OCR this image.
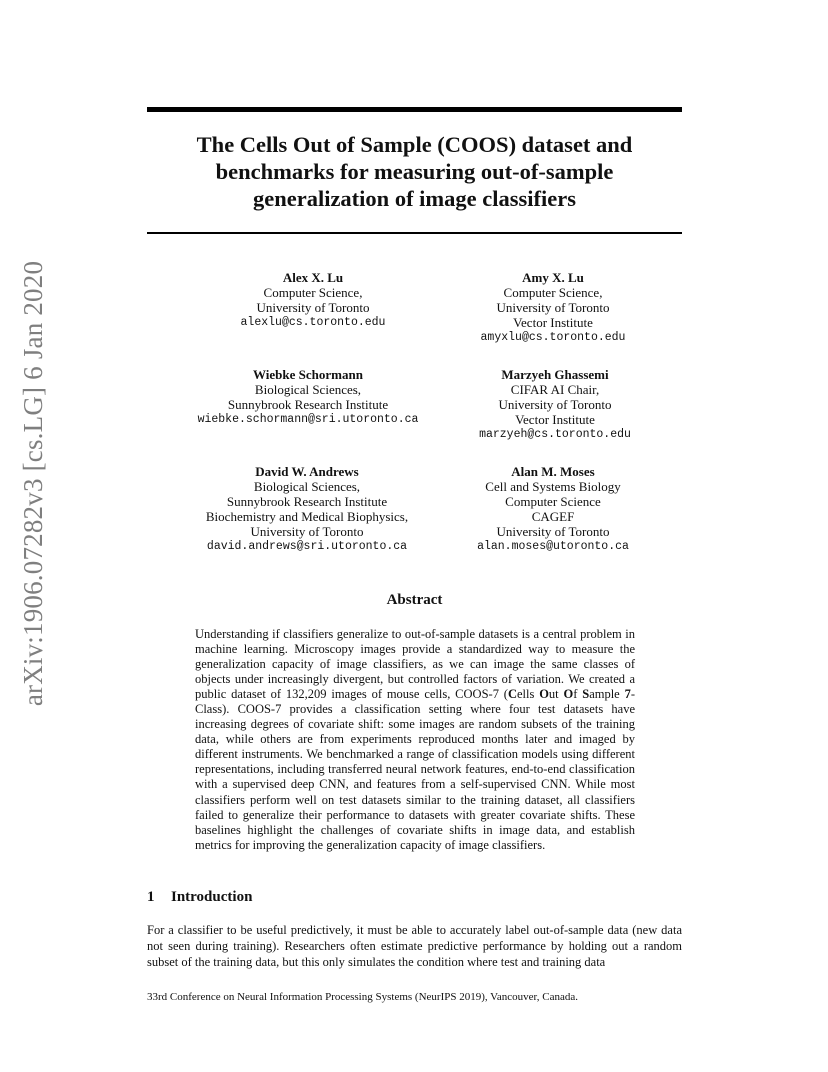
arXiv:1906.07282v3 [cs.LG] 6 Jan 2020
The Cells Out of Sample (COOS) dataset and
benchmarks for measuring out-of-sample
generalization of image classifiers
Alex X. Lu
Computer Science,
University of Toronto
alexlu@cs.toronto.edu
Amy X. Lu
Computer Science,
University of Toronto
Vector Institute
amyxlu@cs.toronto.edu
Wiebke Schormann
Biological Sciences,
Sunnybrook Research Institute
wiebke.schormann@sri.utoronto.ca
Marzyeh Ghassemi
CIFAR AI Chair,
University of Toronto
Vector Institute
marzyeh@cs.toronto.edu
David W. Andrews
Biological Sciences,
Sunnybrook Research Institute
Biochemistry and Medical Biophysics,
University of Toronto
david.andrews@sri.utoronto.ca
Alan M. Moses
Cell and Systems Biology
Computer Science
CAGEF
University of Toronto
alan.moses@utoronto.ca
Abstract

Understanding if classifiers generalize to out-of-sample datasets is a central problem in machine learning. Microscopy images provide a standardized way to measure the generalization capacity of image classifiers, as we can image the same classes of objects under increasingly divergent, but controlled factors of variation. We created a public dataset of 132,209 images of mouse cells, COOS-7 (Cells Out Of Sample 7-Class). COOS-7 provides a classification setting where four test datasets have increasing degrees of covariate shift: some images are random subsets of the training data, while others are from experiments reproduced months later and imaged by different instruments. We benchmarked a range of classification models using different representations, including transferred neural network features, end-to-end classification with a supervised deep CNN, and features from a self-supervised CNN. While most classifiers perform well on test datasets similar to the training dataset, all classifiers failed to generalize their performance to datasets with greater covariate shifts. These baselines highlight the challenges of covariate shifts in image data, and establish metrics for improving the generalization capacity of image classifiers.

1 Introduction

For a classifier to be useful predictively, it must be able to accurately label out-of-sample data (new data not seen during training). Researchers often estimate predictive performance by holding out a random subset of the training data, but this only simulates the condition where test and training data

33rd Conference on Neural Information Processing Systems (NeurIPS 2019), Vancouver, Canada.
